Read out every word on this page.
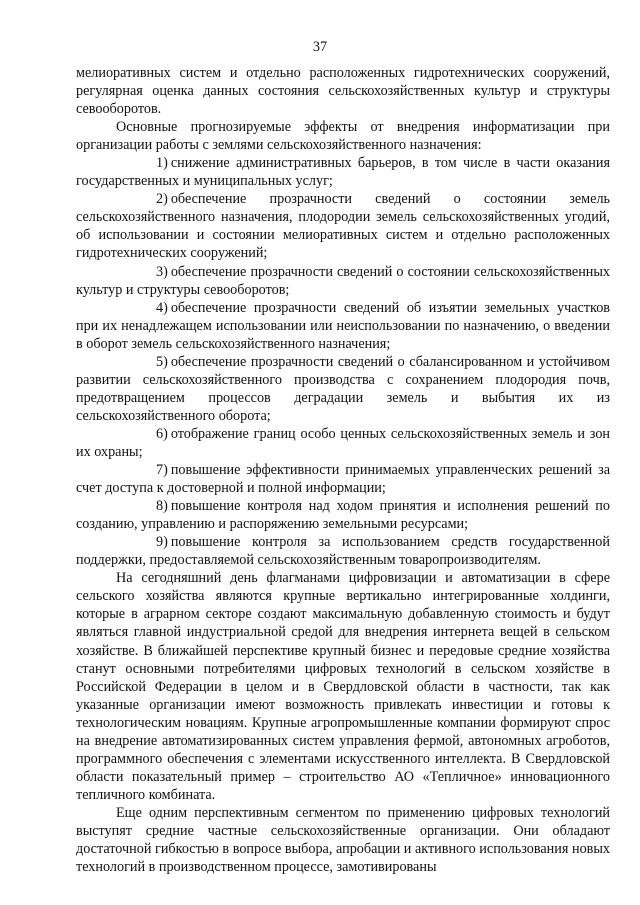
37

мелиоративных систем и отдельно расположенных гидротехнических сооружений, регулярная оценка данных состояния сельскохозяйственных культур и структуры севооборотов.

Основные прогнозируемые эффекты от внедрения информатизации при организации работы с землями сельскохозяйственного назначения:

1) снижение административных барьеров, в том числе в части оказания государственных и муниципальных услуг;

2) обеспечение прозрачности сведений о состоянии земель сельскохозяйственного назначения, плодородии земель сельскохозяйственных угодий, об использовании и состоянии мелиоративных систем и отдельно расположенных гидротехнических сооружений;

3) обеспечение прозрачности сведений о состоянии сельскохозяйственных культур и структуры севооборотов;

4) обеспечение прозрачности сведений об изъятии земельных участков при их ненадлежащем использовании или неиспользовании по назначению, о введении в оборот земель сельскохозяйственного назначения;

5) обеспечение прозрачности сведений о сбалансированном и устойчивом развитии сельскохозяйственного производства с сохранением плодородия почв, предотвращением процессов деградации земель и выбытия их из сельскохозяйственного оборота;

6) отображение границ особо ценных сельскохозяйственных земель и зон их охраны;

7) повышение эффективности принимаемых управленческих решений за счет доступа к достоверной и полной информации;

8) повышение контроля над ходом принятия и исполнения решений по созданию, управлению и распоряжению земельными ресурсами;

9) повышение контроля за использованием средств государственной поддержки, предоставляемой сельскохозяйственным товаропроизводителям.

На сегодняшний день флагманами цифровизации и автоматизации в сфере сельского хозяйства являются крупные вертикально интегрированные холдинги, которые в аграрном секторе создают максимальную добавленную стоимость и будут являться главной индустриальной средой для внедрения интернета вещей в сельском хозяйстве. В ближайшей перспективе крупный бизнес и передовые средние хозяйства станут основными потребителями цифровых технологий в сельском хозяйстве в Российской Федерации в целом и в Свердловской области в частности, так как указанные организации имеют возможность привлекать инвестиции и готовы к технологическим новациям. Крупные агропромышленные компании формируют спрос на внедрение автоматизированных систем управления фермой, автономных агроботов, программного обеспечения с элементами искусственного интеллекта. В Свердловской области показательный пример – строительство АО «Тепличное» инновационного тепличного комбината.

Еще одним перспективным сегментом по применению цифровых технологий выступят средние частные сельскохозяйственные организации. Они обладают достаточной гибкостью в вопросе выбора, апробации и активного использования новых технологий в производственном процессе, замотивированы
